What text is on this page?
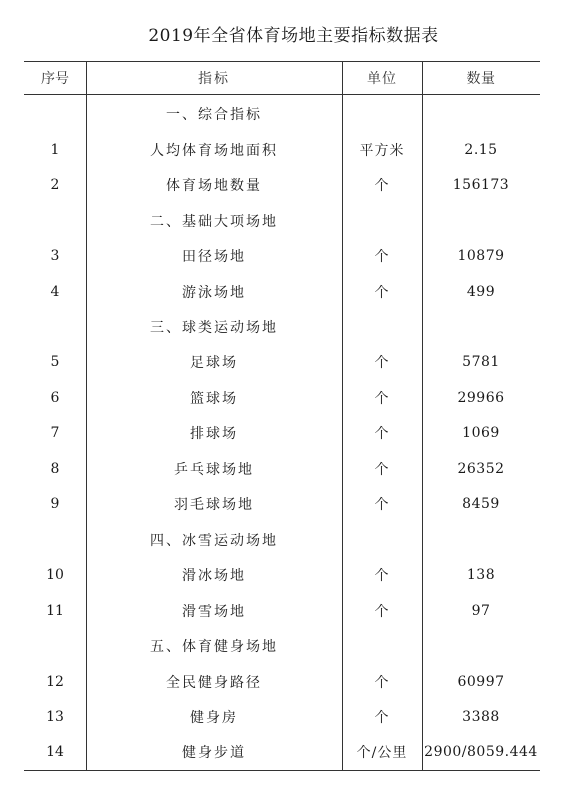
2019年全省体育场地主要指标数据表
序号	指标	单位	数量
一、综合指标
1	人均体育场地面积	平方米	2.15
2	体育场地数量	个	156173
二、基础大项场地
3	田径场地	个	10879
4	游泳场地	个	499
三、球类运动场地
5	足球场	个	5781
6	篮球场	个	29966
7	排球场	个	1069
8	乒乓球场地	个	26352
9	羽毛球场地	个	8459
四、冰雪运动场地
10	滑冰场地	个	138
11	滑雪场地	个	97
五、体育健身场地
12	全民健身路径	个	60997
13	健身房	个	3388
14	健身步道	个/公里	2900/8059.444
